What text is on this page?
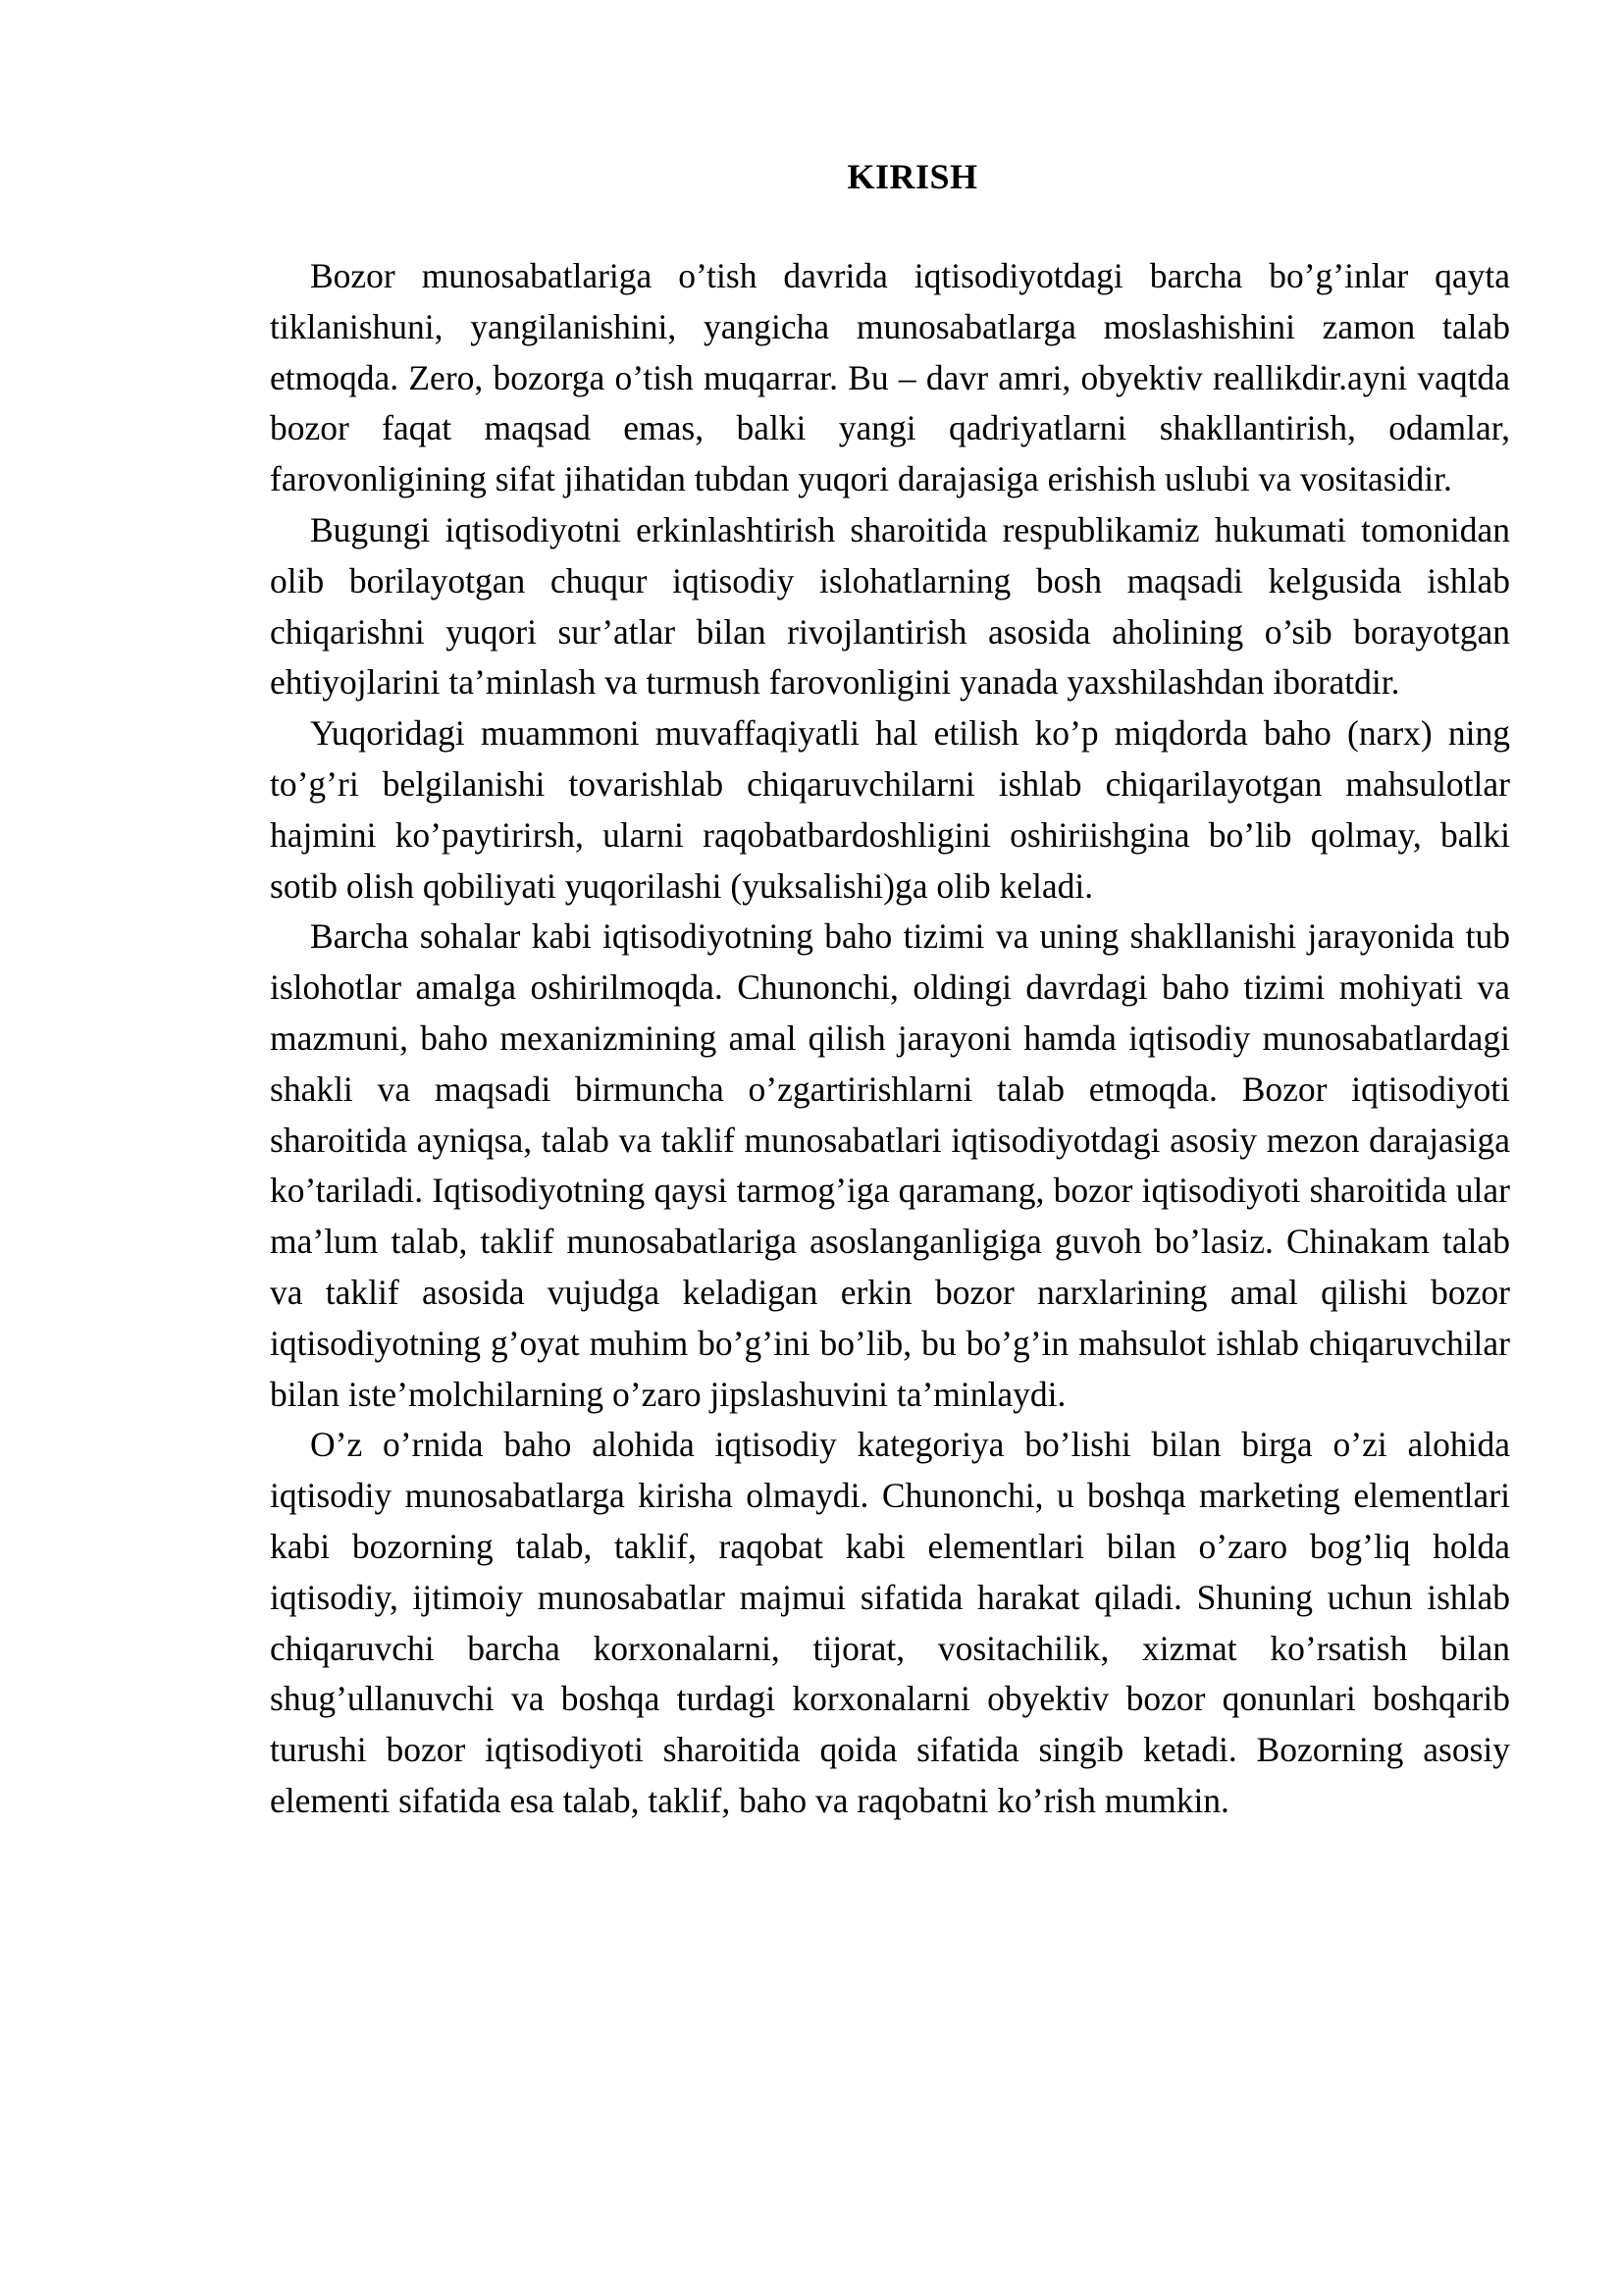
KIRISH

Bozor munosabatlariga o’tish davrida iqtisodiyotdagi barcha bo’g’inlar qayta tiklanishuni, yangilanishini, yangicha munosabatlarga moslashishini zamon talab etmoqda. Zero, bozorga o’tish muqarrar. Bu – davr amri, obyektiv reallikdir.ayni vaqtda bozor faqat maqsad emas, balki yangi qadriyatlarni shakllantirish, odamlar, farovonligining sifat jihatidan tubdan yuqori darajasiga erishish uslubi va vositasidir.

Bugungi iqtisodiyotni erkinlashtirish sharoitida respublikamiz hukumati tomonidan olib borilayotgan chuqur iqtisodiy islohatlarning bosh maqsadi kelgusida ishlab chiqarishni yuqori sur’atlar bilan rivojlantirish asosida aholining o’sib borayotgan ehtiyojlarini ta’minlash va turmush farovonligini yanada yaxshilashdan iboratdir.

Yuqoridagi muammoni muvaffaqiyatli hal etilish ko’p miqdorda baho (narx) ning to’g’ri belgilanishi tovarishlab chiqaruvchilarni ishlab chiqarilayotgan mahsulotlar hajmini ko’paytirirsh, ularni raqobatbardoshligini oshiriishgina bo’lib qolmay, balki sotib olish qobiliyati yuqorilashi (yuksalishi)ga olib keladi.

Barcha sohalar kabi iqtisodiyotning baho tizimi va uning shakllanishi jarayonida tub islohotlar amalga oshirilmoqda. Chunonchi, oldingi davrdagi baho tizimi mohiyati va mazmuni, baho mexanizmining amal qilish jarayoni hamda iqtisodiy munosabatlardagi shakli va maqsadi birmuncha o’zgartirishlarni talab etmoqda. Bozor iqtisodiyoti sharoitida ayniqsa, talab va taklif munosabatlari iqtisodiyotdagi asosiy mezon darajasiga ko’tariladi. Iqtisodiyotning qaysi tarmog’iga qaramang, bozor iqtisodiyoti sharoitida ular ma’lum talab, taklif munosabatlariga asoslanganligiga guvoh bo’lasiz. Chinakam talab va taklif asosida vujudga keladigan erkin bozor narxlarining amal qilishi bozor iqtisodiyotning g’oyat muhim bo’g’ini bo’lib, bu bo’g’in mahsulot ishlab chiqaruvchilar bilan iste’molchilarning o’zaro jipslashuvini ta’minlaydi.

O’z o’rnida baho alohida iqtisodiy kategoriya bo’lishi bilan birga o’zi alohida iqtisodiy munosabatlarga kirisha olmaydi. Chunonchi, u boshqa marketing elementlari kabi bozorning talab, taklif, raqobat kabi elementlari bilan o’zaro bog’liq holda iqtisodiy, ijtimoiy munosabatlar majmui sifatida harakat qiladi. Shuning uchun ishlab chiqaruvchi barcha korxonalarni, tijorat, vositachilik, xizmat ko’rsatish bilan shug’ullanuvchi va boshqa turdagi korxonalarni obyektiv bozor qonunlari boshqarib turushi bozor iqtisodiyoti sharoitida qoida sifatida singib ketadi. Bozorning asosiy elementi sifatida esa talab, taklif, baho va raqobatni ko’rish mumkin.
